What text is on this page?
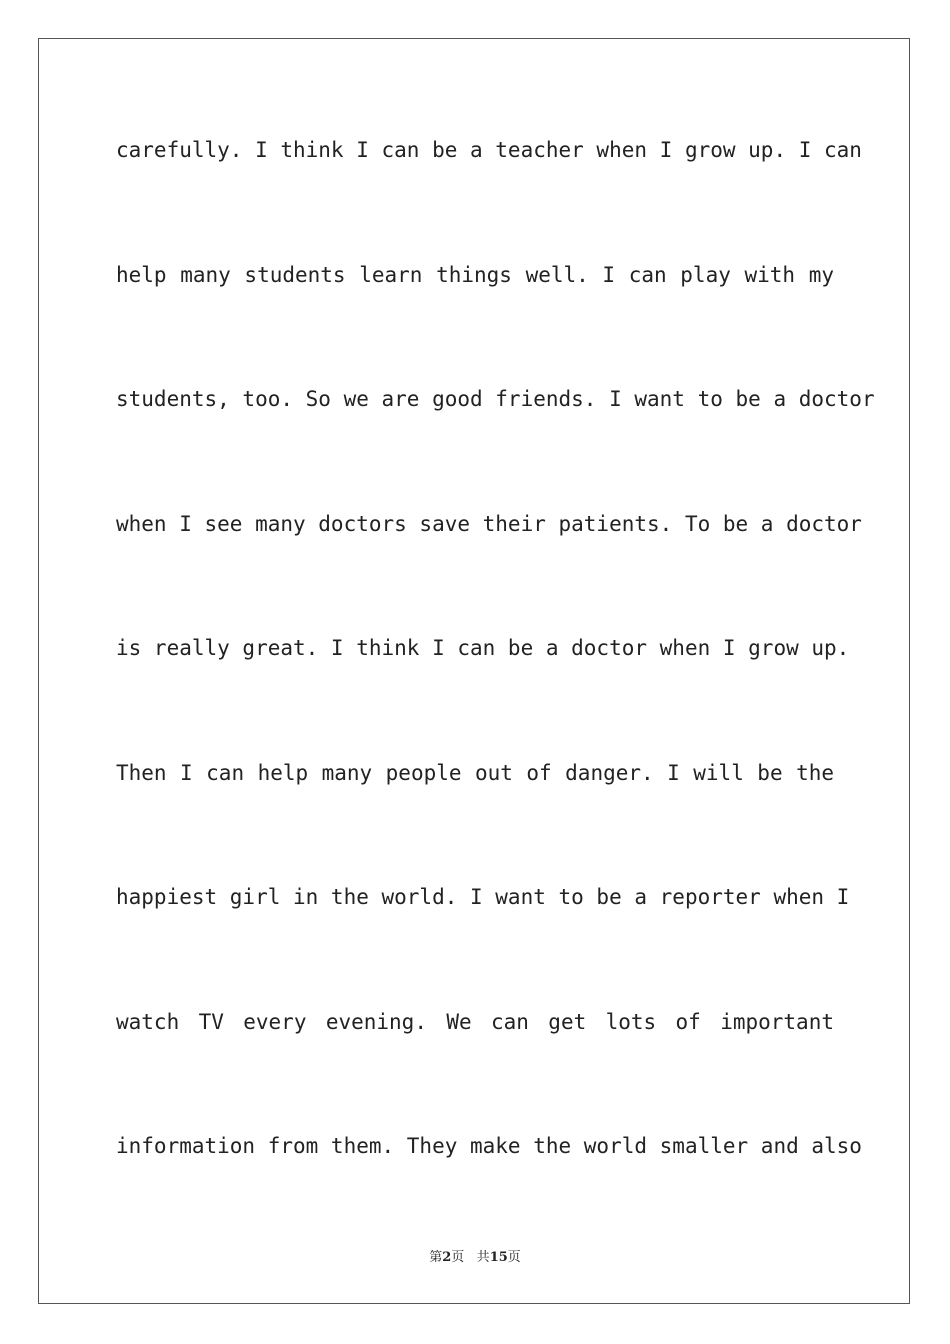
carefully. I think I can be a teacher when I grow up. I can
help many students learn things well. I can play with my
students, too. So we are good friends. I want to be a doctor
when I see many doctors save their patients. To be a doctor
is really great. I think I can be a doctor when I grow up.
Then I can help many people out of danger. I will be the
happiest girl in the world. I want to be a reporter when I
watch TV every evening. We can get lots of important
information from them. They make the world smaller and also
第2页 共15页
